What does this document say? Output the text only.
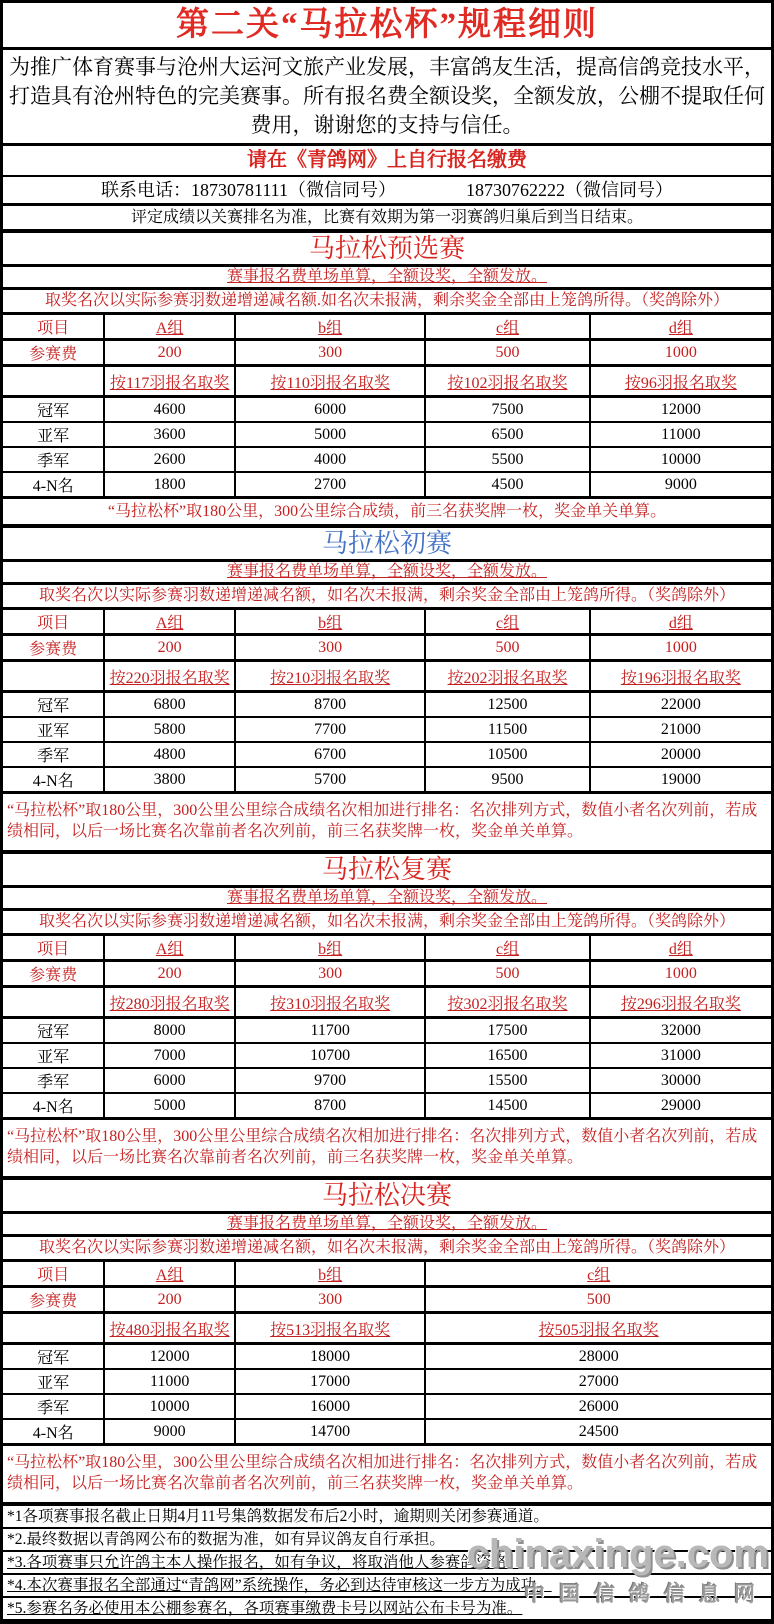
第二关“马拉松杯”规程细则
为推广体育赛事与沧州大运河文旅产业发展，丰富鸽友生活，提高信鸽竞技水平，打造具有沧州特色的完美赛事。所有报名费全额设奖，全额发放，公棚不提取任何费用，谢谢您的支持与信任。
请在《青鸽网》上自行报名缴费
联系电话： 18730781111（微信同号）	18730762222（微信同号）
评定成绩以关赛排名为准，比赛有效期为第一羽赛鸽归巢后到当日结束。
马拉松预选赛
赛事报名费单场单算，全额设奖，全额发放。
取奖名次以实际参赛羽数递增递减名额.如名次未报满，剩余奖金全部由上笼鸽所得。（奖鸽除外）
项目	A组	b组	c组	d组
参赛费	200	300	500	1000
	按117羽报名取奖	按110羽报名取奖	按102羽报名取奖	按96羽报名取奖
冠军	4600	6000	7500	12000
亚军	3600	5000	6500	11000
季军	2600	4000	5500	10000
4-N名	1800	2700	4500	9000
“马拉松杯”取180公里，300公里综合成绩，前三名获奖牌一枚，奖金单关单算。
马拉松初赛
赛事报名费单场单算，全额设奖，全额发放。
取奖名次以实际参赛羽数递增递减名额，如名次未报满，剩余奖金全部由上笼鸽所得。（奖鸽除外）
项目	A组	b组	c组	d组
参赛费	200	300	500	1000
	按220羽报名取奖	按210羽报名取奖	按202羽报名取奖	按196羽报名取奖
冠军	6800	8700	12500	22000
亚军	5800	7700	11500	21000
季军	4800	6700	10500	20000
4-N名	3800	5700	9500	19000
“马拉松杯”取180公里，300公里公里综合成绩名次相加进行排名：名次排列方式，数值小者名次列前，若成绩相同，以后一场比赛名次靠前者名次列前，前三名获奖牌一枚，奖金单关单算。
马拉松复赛
赛事报名费单场单算，全额设奖，全额发放。
取奖名次以实际参赛羽数递增递减名额，如名次未报满，剩余奖金全部由上笼鸽所得。（奖鸽除外）
项目	A组	b组	c组	d组
参赛费	200	300	500	1000
	按280羽报名取奖	按310羽报名取奖	按302羽报名取奖	按296羽报名取奖
冠军	8000	11700	17500	32000
亚军	7000	10700	16500	31000
季军	6000	9700	15500	30000
4-N名	5000	8700	14500	29000
“马拉松杯”取180公里，300公里公里综合成绩名次相加进行排名：名次排列方式，数值小者名次列前，若成绩相同，以后一场比赛名次靠前者名次列前，前三名获奖牌一枚，奖金单关单算。
马拉松决赛
赛事报名费单场单算，全额设奖，全额发放。
取奖名次以实际参赛羽数递增递减名额，如名次未报满，剩余奖金全部由上笼鸽所得。（奖鸽除外）
项目	A组	b组	c组
参赛费	200	300	500
	按480羽报名取奖	按513羽报名取奖	按505羽报名取奖
冠军	12000	18000	28000
亚军	11000	17000	27000
季军	10000	16000	26000
4-N名	9000	14700	24500
“马拉松杯”取180公里，300公里公里综合成绩名次相加进行排名：名次排列方式，数值小者名次列前，若成绩相同，以后一场比赛名次靠前者名次列前，前三名获奖牌一枚，奖金单关单算。
*1各项赛事报名截止日期4月11号集鸽数据发布后2小时，逾期则关闭参赛通道。
*2.最终数据以青鸽网公布的数据为准，如有异议鸽友自行承担。
*3.各项赛事只允许鸽主本人操作报名，如有争议，将取消他人参赛鸽资格。
*4.本次赛事报名全部通过“青鸽网”系统操作，务必到达待审核这一步方为成功。
*5.参赛名务必使用本公棚参赛名，各项赛事缴费卡号以网站公布卡号为准。
chinaxinge.com
中国信鸽信息网
